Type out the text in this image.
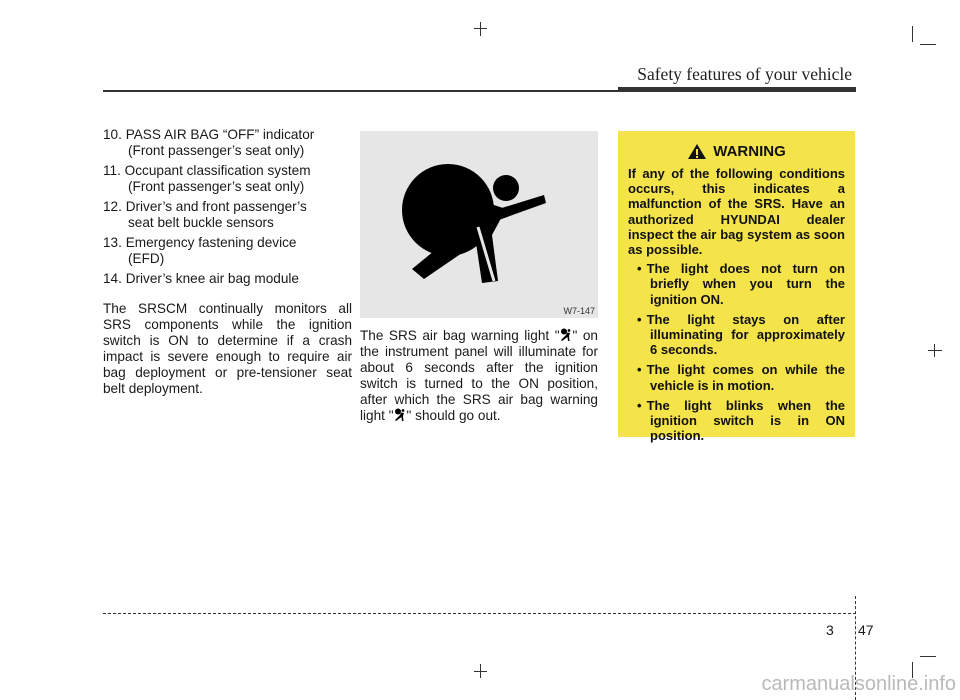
Safety features of your vehicle
10. PASS AIR BAG “OFF” indicator
(Front passenger’s seat only)
11. Occupant classification system
(Front passenger’s seat only)
12. Driver’s and front passenger’s
seat belt buckle sensors
13. Emergency fastening device
(EFD)
14. Driver’s knee air bag module
The SRSCM continually monitors all SRS components while the ignition switch is ON to determine if a crash impact is severe enough to require air bag deployment or pre-tensioner seat belt deployment.
W7-147
The SRS air bag warning light " " on the instrument panel will illuminate for about 6 seconds after the ignition switch is turned to the ON position, after which the SRS air bag warning light " " should go out.
WARNING
If any of the following conditions occurs, this indicates a malfunction of the SRS. Have an authorized HYUNDAI dealer inspect the air bag system as soon as possible.
• The light does not turn on briefly when you turn the ignition ON.
• The light stays on after illuminating for approximately 6 seconds.
• The light comes on while the vehicle is in motion.
• The light blinks when the ignition switch is in ON position.
3 47
carmanualsonline.info
